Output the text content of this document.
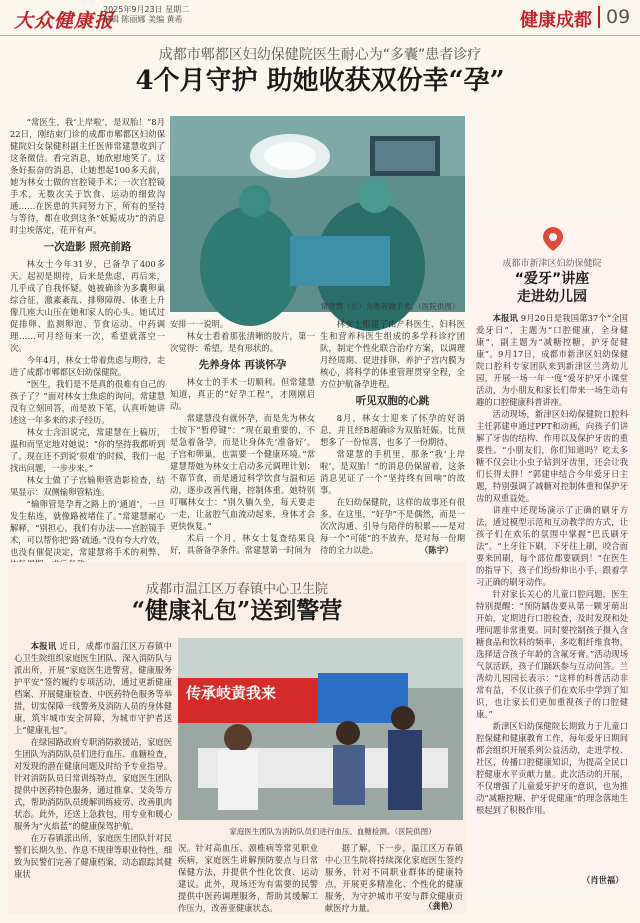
大众健康报
2025年9月23日 星期二
编辑 陈丽娜 美编 黄希	健康成都 09
成都市郫都区妇幼保健院医生耐心为“多囊”患者诊疗
4个月守护 助她收获双份幸“孕”
常建慧（左）为患者做手术。（医院供图）

“常医生，我‘上岸啦’，是双胎！”8月22日，刚结束门诊的成都市郫都区妇幼保健院妇女保健科副主任医师常建慧收到了这条微信。看完消息，她欣慰地笑了。这条好振奋的消息，让她想起100多天前，她为林女士做的宫腔镜手术；一次宫腔镜手术，无数次关于饮食、运动的细致沟通……在医患的共同努力下，所有的坚持与等待，都在收到这条“妖娠成功”的消息时尘埃落定，花开有声。

一次造影 照亮前路

林女士今年31岁，已备孕了400多天。起初是期待，后来是焦虑，再后来，几乎成了自我怀疑。她被确诊为多囊卵巢综合征，激素紊乱、排卵障碍、体重上升像几座大山压在她和家人的心头。她试过促排卵、监测卵泡、节食运动、中药调理……可月经每来一次，希望就落空一次。

今年4月，林女士带着焦虑与期待，走进了成都市郫都区妇幼保健院。

“医生，我们是不是真的很难有自己的孩子了？”面对林女士焦虑的询问，常建慧没有立刻回答，而是放下笔，认真听她讲述这一年多来的求子经历。

林女士含泪说完，常建慧在上稿历，温和而坚定地对她说：“你的坚持我都听到了。现在还不到说‘很难’的时候，我们一起找出问题，一步步来。”

林女士做了子宫输卵管造影检查，结果显示：双侧输卵管粘连。

“输卵管是孕育之路上的‘通道’，一旦发生粘连，就像路被堵住了。”常建慧耐心解释，“别担心，我们有办法——宫腔镜手术，可以帮你把‘路’疏通。”没有夸大疗效，也没有催促决定，常建慧将手术的利弊、

安排一一说明。

林女士看着那张清晰的胶片，第一次觉得：希望，是有形状的。

先养身体 再谈怀孕

林女士的手术一切顺利。但常建慧知道，真正的“好孕工程”，才刚刚启动。

常建慧没有就怀孕，而是先为林女士按下“暂停键”：“现在最重要的，不是急着备孕，而是让身体先‘准备好’。子宫和卵巢，也需要一个健康环境。”常建慧帮她为林女士启动多元调理计划：不靠节食，而是通过科学饮食与温和运动，逐步改善代谢，控制体重。她特别叮嘱林女士：“别久躺久坐，每天要走一走，让盆腔气血流动起来，身体才会更快恢复。”

术后一个月，林女士复查结果良好，具备备孕条件。常建慧第一时间为

林女士组建了由产科医生、妇科医生和营养科医生组成的多学科诊疗团队，制定个性化联合治疗方案，以调理月经周期、促进排卵、养护子宫内膜为核心，将科学的体重管理贯穿全程，全方位护航备孕进程。

听见双胞的心跳

8月，林女士迎来了怀孕的好消息，并且经B超确诊为双胎妊娠。比预想多了一份惊喜，也多了一份期待。

常建慧的手机里，那条“我‘上岸啦’，是双胎！”的消息仍保留着，这条消息见证了一个“坚持终有回响”的故事。

在妇幼保健院，这样的故事还有很多。在这里，“好孕”不是偶然，而是一次次沟通、引导与陪伴的积累——是对每一个“可能”的不放弃，是对每一份期待的全力以赴。	（陈宇）
成都市新津区妇幼保健院
“爱牙”讲座
走进幼儿园

本报讯 9月20日是我国第37个“全国爱牙日”，主题为“口腔健康，全身健康”，副主题为“减糖控糖，护牙促健康”。9月17日，成都市新津区妇幼保健院口腔科专家团队来到新津区兰湾幼儿园，开展一场一年一度“爱牙护牙小课堂活动，为小朋友和家长们带来一场生动有趣的口腔健康科普讲座。

活动现场，新津区妇幼保健院口腔科主任郭建申通过PPT和动画，向孩子们讲解了牙齿的结构、作用以及保护牙齿的重要性。“小朋友们，你们知道吗？吃太多糖不仅会让小虫子钻到牙齿里，还会让我们长得太胖！”郭建申结合今年爱牙日主题，特别强调了减糖对控制体重和保护牙齿的双重益处。

讲座中还现场演示了正确的刷牙方法，通过模型示范和互动教学的方式，让孩子们在欢乐的氛围中掌握“巴氏刷牙法”。“上牙往下刷，下牙往上刷，咬合面要来回刷，每个部位都要刷到！”在医生的指导下，孩子们纷纷伸出小手，跟着学习正确的刷牙动作。

针对家长关心的儿童口腔问题，医生特别提醒：“预防龋齿要从第一颗牙萌出开始，定期进行口腔检查，及时发现和处理问题非常重要。同时要控制孩子摄入含糖食品和饮料的频率，多吃粗纤维食物，选择适合孩子年龄的含氟牙膏。”活动现场气氛活跃，孩子们踊跃参与互动问答。兰湾幼儿园园长表示：“这样的科普活动非常有益，不仅让孩子们在欢乐中学到了知识，也让家长们更加重视孩子的口腔健康。”

新津区妇幼保健院长期致力于儿童口腔保健和健康教育工作，每年爱牙日期间都会组织开展系列公益活动，走进学校、社区，传播口腔健康知识，为提高全民口腔健康水平贡献力量。此次活动的开展，不仅增强了儿童爱牙护牙的意识，也为推动“减糖控糖、护牙促健康”的理念落地生根起到了积极作用。

（肖世福）
成都市温江区万春镇中心卫生院
“健康礼包”送到警营
传承岐黄我来
家庭医生团队为消防队员们进行血压、血糖检测。（医院供图）

本报讯 近日，成都市温江区万春镇中心卫生院组织家庭医生团队、深入消防队与派出所，开展“家庭医生进警营，健康服务护平安”签约履约专项活动，通过更新健康档案、开展健康检查、中医药特色服务等举措，切实保障一线警务及消防人员的身体健康，筑牢城市安全屏障，为城市守护者送上“健康礼包”。

在绿园路政府专职消防救援站，家庭医生团队为消防队员们进行血压、血糖检查，对发现的潜在健康问题及时给予专业指导。针对消防队员日常训练特点，家庭医生团队提供中医药特色服务，通过推拿、艾灸等方式，帮助消防队员缓解训练疲劳、改善肌肉状态。此外，还送上急救包，用专业和暖心服务为“火焰蓝”的健康保驾护航。

在万春镇派出所，家庭医生团队针对民警们长期久坐、作息不规律等职业特性，细致为民警们完善了健康档案，动态跟踪其健康状

况。针对高血压、颈椎病等常见职业疾病，家庭医生讲解预防要点与日常保健方法，并提供个性化饮食、运动建议。此外，现场还为有需要的民警提供中医药调理服务，帮助其缓解工作压力，改善亚健康状态。

据了解，下一步，温江区万春镇中心卫生院将持续深化家庭医生签约服务，针对不同职业群体的健康特点，开展更多精准化、个性化的健康服务，为守护城市平安与群众健康贡献医疗力量。	（龚艳）
